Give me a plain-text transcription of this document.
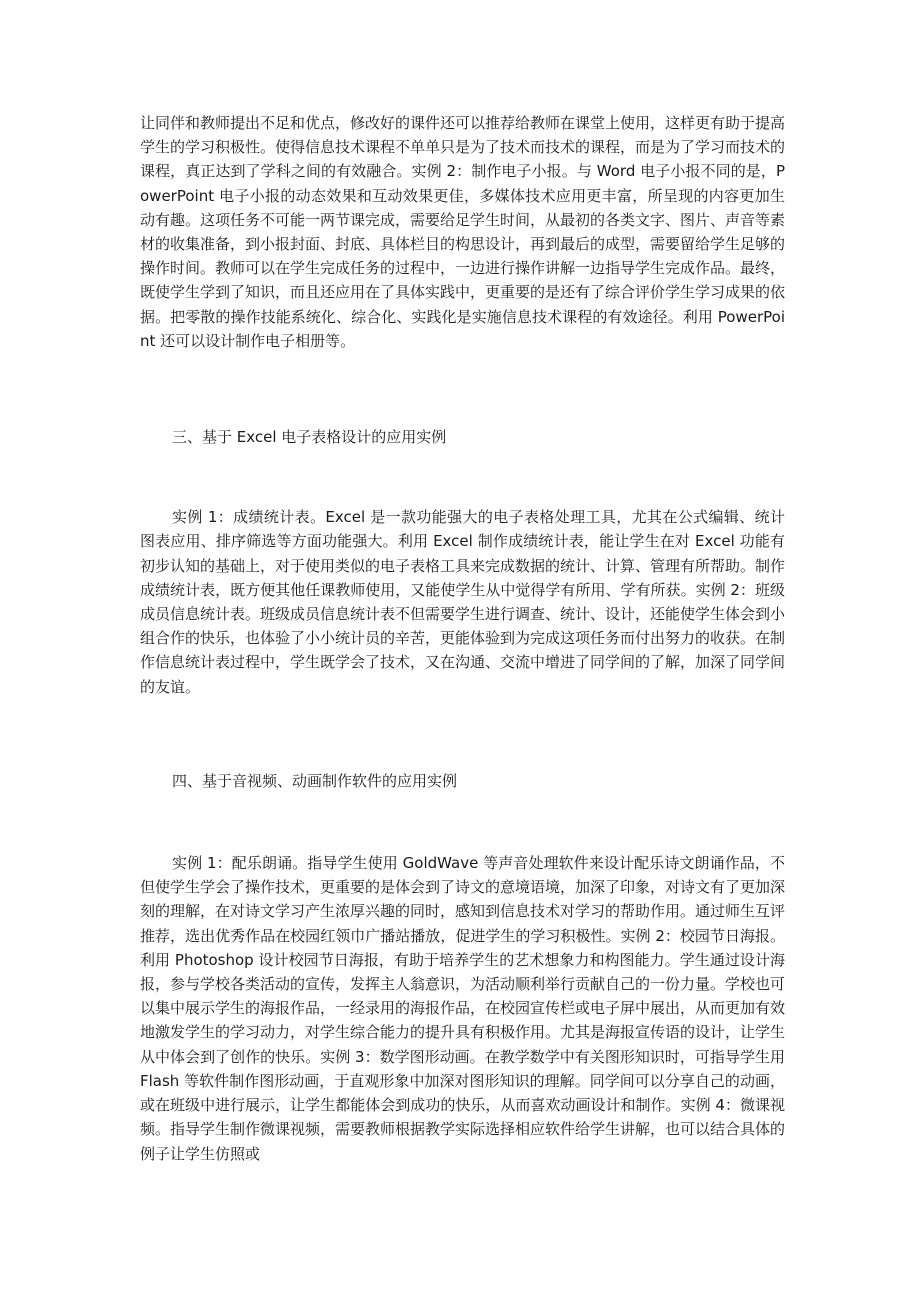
让同伴和教师提出不足和优点，修改好的课件还可以推荐给教师在课堂上使用，这样更有助于提高学生的学习积极性。使得信息技术课程不单单只是为了技术而技术的课程，而是为了学习而技术的课程，真正达到了学科之间的有效融合。实例 2：制作电子小报。与 Word 电子小报不同的是，PowerPoint 电子小报的动态效果和互动效果更佳，多媒体技术应用更丰富，所呈现的内容更加生动有趣。这项任务不可能一两节课完成，需要给足学生时间，从最初的各类文字、图片、声音等素材的收集准备，到小报封面、封底、具体栏目的构思设计，再到最后的成型，需要留给学生足够的操作时间。教师可以在学生完成任务的过程中，一边进行操作讲解一边指导学生完成作品。最终，既使学生学到了知识，而且还应用在了具体实践中，更重要的是还有了综合评价学生学习成果的依据。把零散的操作技能系统化、综合化、实践化是实施信息技术课程的有效途径。利用 PowerPoint 还可以设计制作电子相册等。

三、基于 Excel 电子表格设计的应用实例

实例 1：成绩统计表。Excel 是一款功能强大的电子表格处理工具，尤其在公式编辑、统计图表应用、排序筛选等方面功能强大。利用 Excel 制作成绩统计表，能让学生在对 Excel 功能有初步认知的基础上，对于使用类似的电子表格工具来完成数据的统计、计算、管理有所帮助。制作成绩统计表，既方便其他任课教师使用，又能使学生从中觉得学有所用、学有所获。实例 2：班级成员信息统计表。班级成员信息统计表不但需要学生进行调查、统计、设计，还能使学生体会到小组合作的快乐，也体验了小小统计员的辛苦，更能体验到为完成这项任务而付出努力的收获。在制作信息统计表过程中，学生既学会了技术，又在沟通、交流中增进了同学间的了解，加深了同学间的友谊。

四、基于音视频、动画制作软件的应用实例

实例 1：配乐朗诵。指导学生使用 GoldWave 等声音处理软件来设计配乐诗文朗诵作品，不但使学生学会了操作技术，更重要的是体会到了诗文的意境语境，加深了印象，对诗文有了更加深刻的理解，在对诗文学习产生浓厚兴趣的同时，感知到信息技术对学习的帮助作用。通过师生互评推荐，选出优秀作品在校园红领巾广播站播放，促进学生的学习积极性。实例 2：校园节日海报。利用 Photoshop 设计校园节日海报，有助于培养学生的艺术想象力和构图能力。学生通过设计海报，参与学校各类活动的宣传，发挥主人翁意识，为活动顺利举行贡献自己的一份力量。学校也可以集中展示学生的海报作品，一经录用的海报作品，在校园宣传栏或电子屏中展出，从而更加有效地激发学生的学习动力，对学生综合能力的提升具有积极作用。尤其是海报宣传语的设计，让学生从中体会到了创作的快乐。实例 3：数学图形动画。在教学数学中有关图形知识时，可指导学生用 Flash 等软件制作图形动画，于直观形象中加深对图形知识的理解。同学间可以分享自己的动画，或在班级中进行展示，让学生都能体会到成功的快乐，从而喜欢动画设计和制作。实例 4：微课视频。指导学生制作微课视频，需要教师根据教学实际选择相应软件给学生讲解，也可以结合具体的例子让学生仿照或
